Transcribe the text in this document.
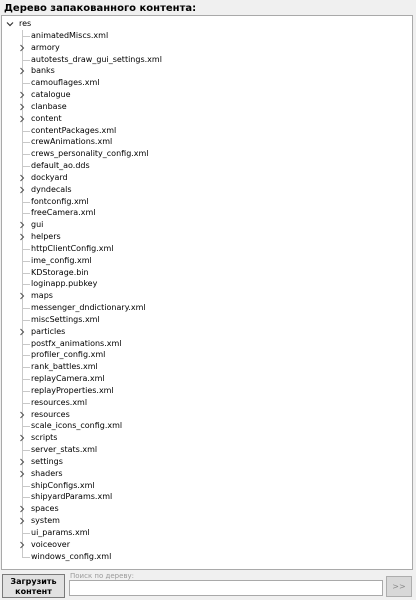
Дерево запакованного контента:
res
animatedMiscs.xml
armory
autotests_draw_gui_settings.xml
banks
camouflages.xml
catalogue
clanbase
content
contentPackages.xml
crewAnimations.xml
crews_personality_config.xml
default_ao.dds
dockyard
dyndecals
fontconfig.xml
freeCamera.xml
gui
helpers
httpClientConfig.xml
ime_config.xml
KDStorage.bin
loginapp.pubkey
maps
messenger_dndictionary.xml
miscSettings.xml
particles
postfx_animations.xml
profiler_config.xml
rank_battles.xml
replayCamera.xml
replayProperties.xml
resources.xml
resources
scale_icons_config.xml
scripts
server_stats.xml
settings
shaders
shipConfigs.xml
shipyardParams.xml
spaces
system
ui_params.xml
voiceover
windows_config.xml
Загрузить контент
Поиск по дереву:
>>
